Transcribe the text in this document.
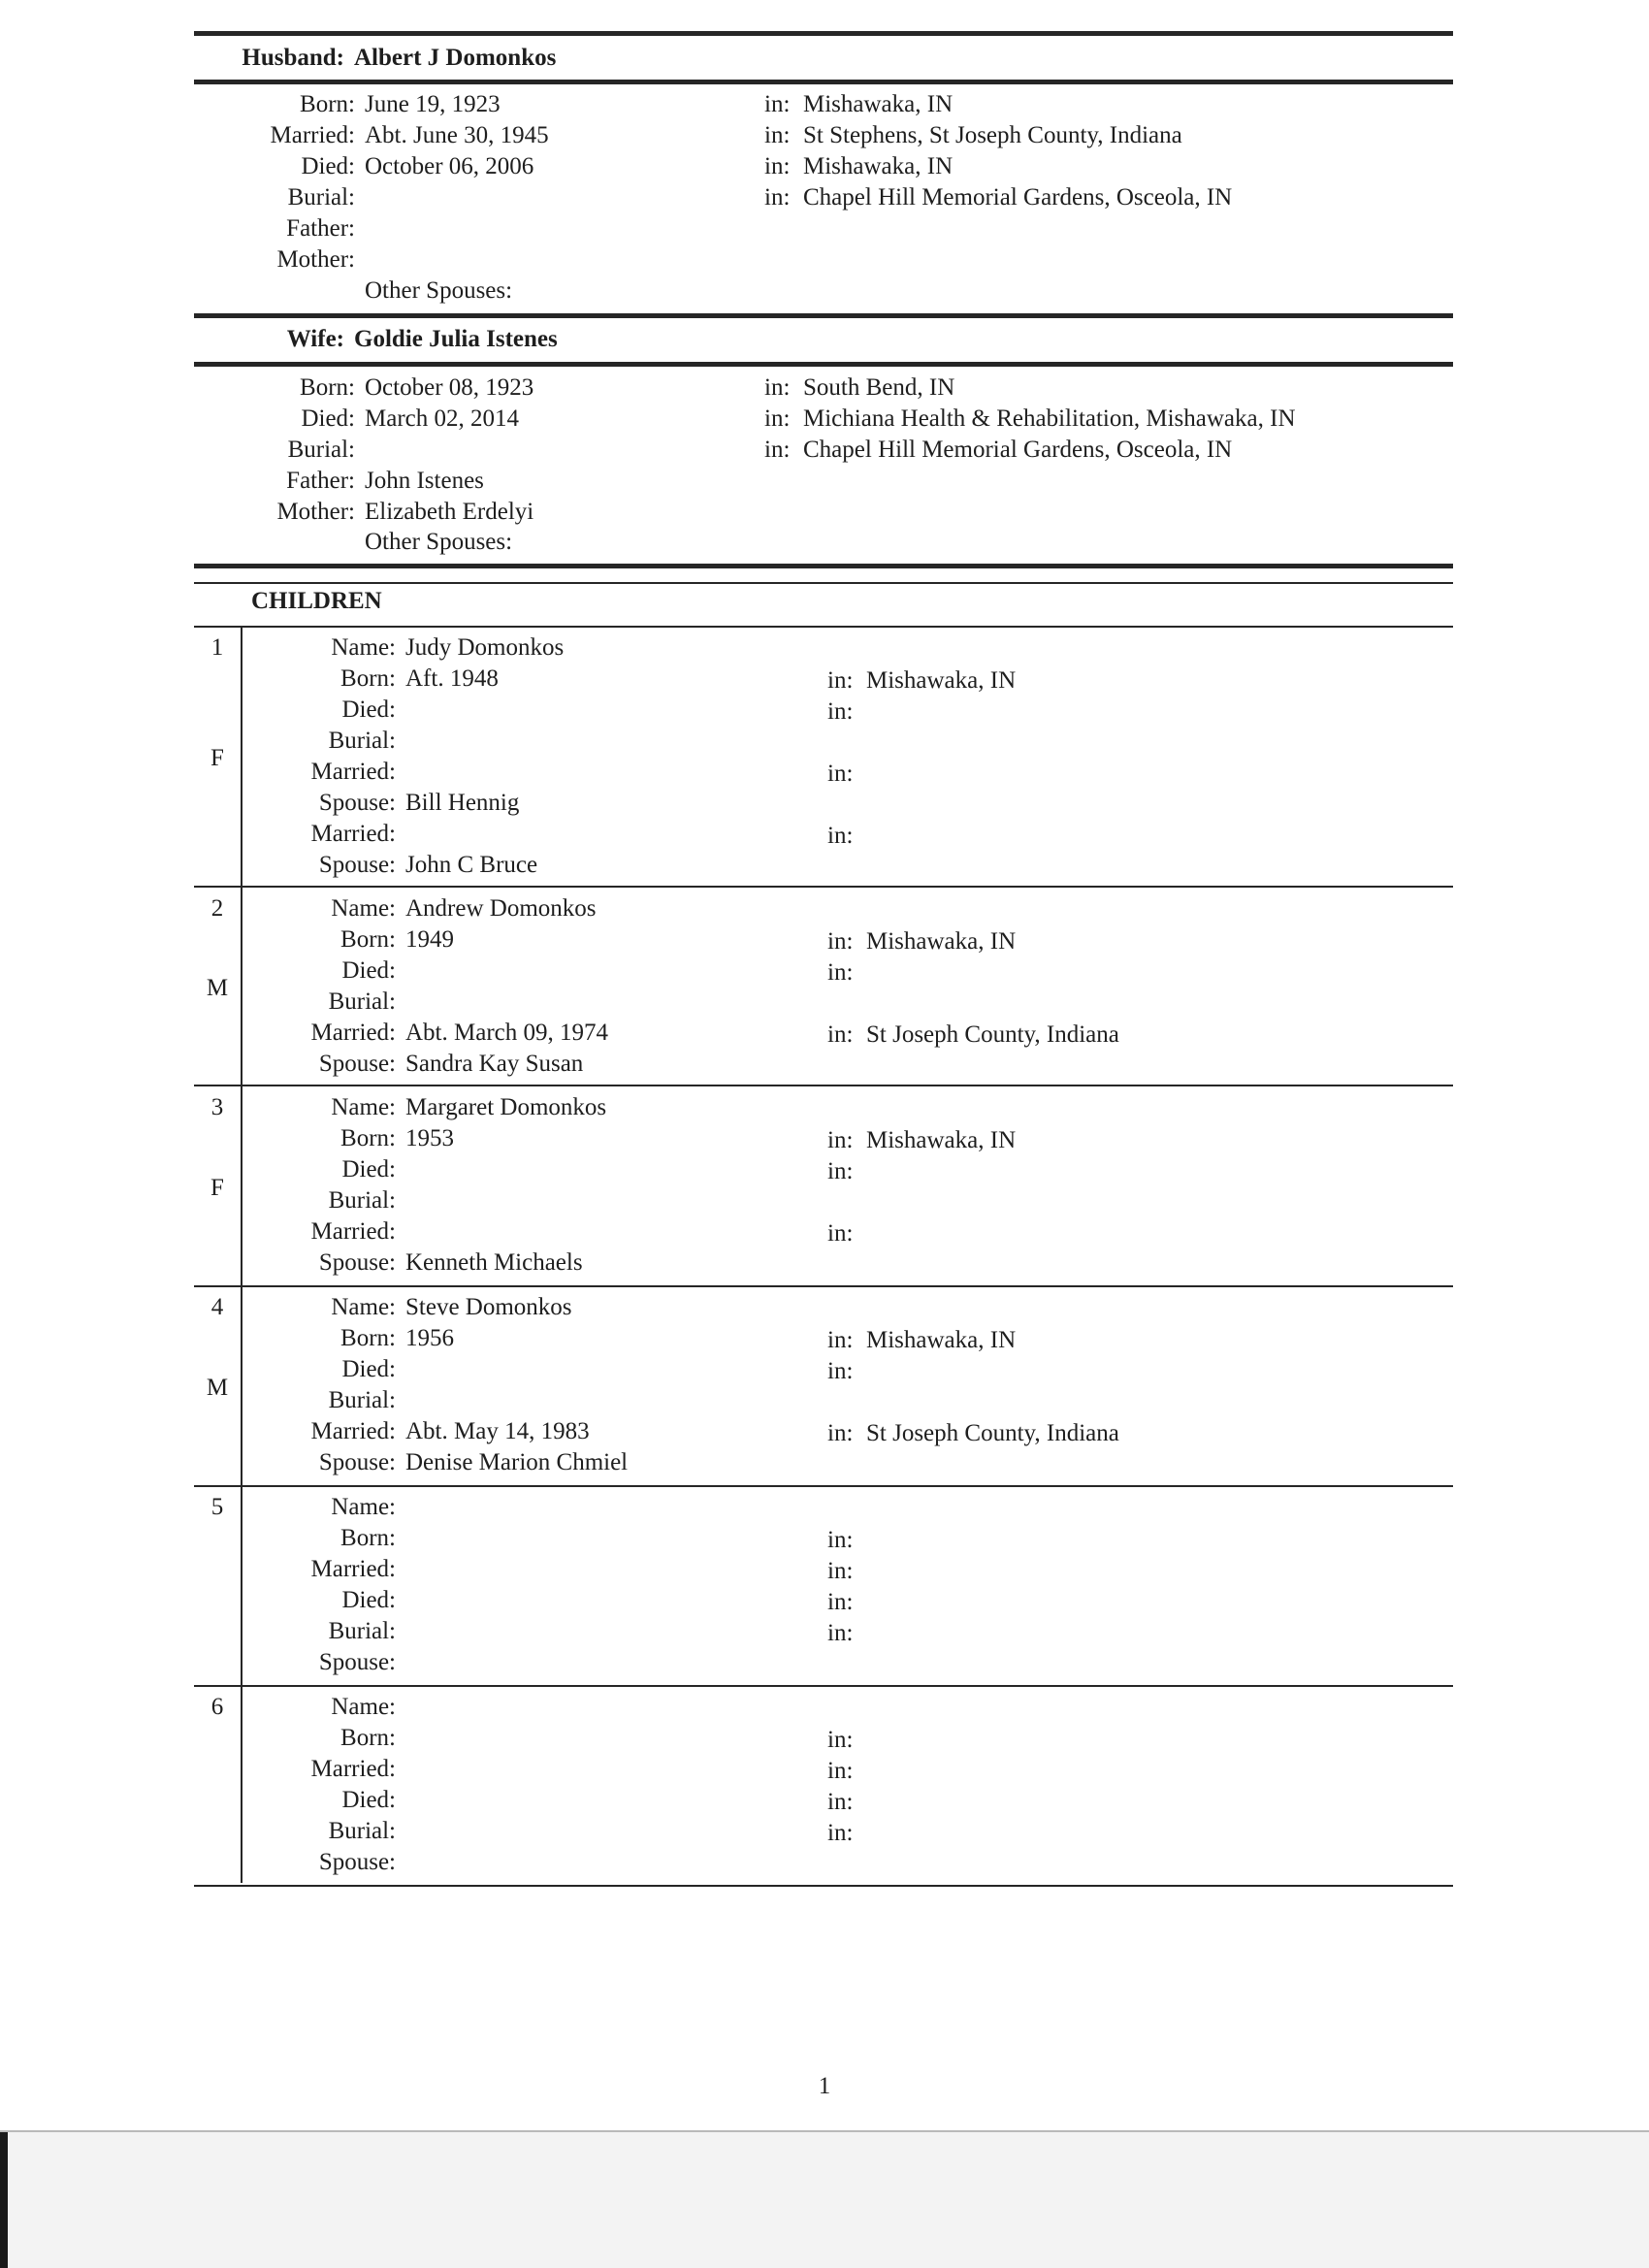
Husband: Albert J Domonkos
Born: June 19, 1923	in: Mishawaka, IN
Married: Abt. June 30, 1945	in: St Stephens, St Joseph County, Indiana
Died: October 06, 2006	in: Mishawaka, IN
Burial:	in: Chapel Hill Memorial Gardens, Osceola, IN
Father:
Mother:
Other Spouses:
Wife: Goldie Julia Istenes
Born: October 08, 1923	in: South Bend, IN
Died: March 02, 2014	in: Michiana Health & Rehabilitation, Mishawaka, IN
Burial:	in: Chapel Hill Memorial Gardens, Osceola, IN
Father: John Istenes
Mother: Elizabeth Erdelyi
Other Spouses:
CHILDREN
1
F
Name: Judy Domonkos
Born: Aft. 1948	in: Mishawaka, IN
Died:	in:
Burial:
Married:	in:
Spouse: Bill Hennig
Married:	in:
Spouse: John C Bruce
2
M
Name: Andrew Domonkos
Born: 1949	in: Mishawaka, IN
Died:	in:
Burial:
Married: Abt. March 09, 1974	in: St Joseph County, Indiana
Spouse: Sandra Kay Susan
3
F
Name: Margaret Domonkos
Born: 1953	in: Mishawaka, IN
Died:	in:
Burial:
Married:	in:
Spouse: Kenneth Michaels
4
M
Name: Steve Domonkos
Born: 1956	in: Mishawaka, IN
Died:	in:
Burial:
Married: Abt. May 14, 1983	in: St Joseph County, Indiana
Spouse: Denise Marion Chmiel
5	Name:
Born:	in:
Married:	in:
Died:	in:
Burial:	in:
Spouse:
6	Name:
Born:	in:
Married:	in:
Died:	in:
Burial:	in:
Spouse:
1
